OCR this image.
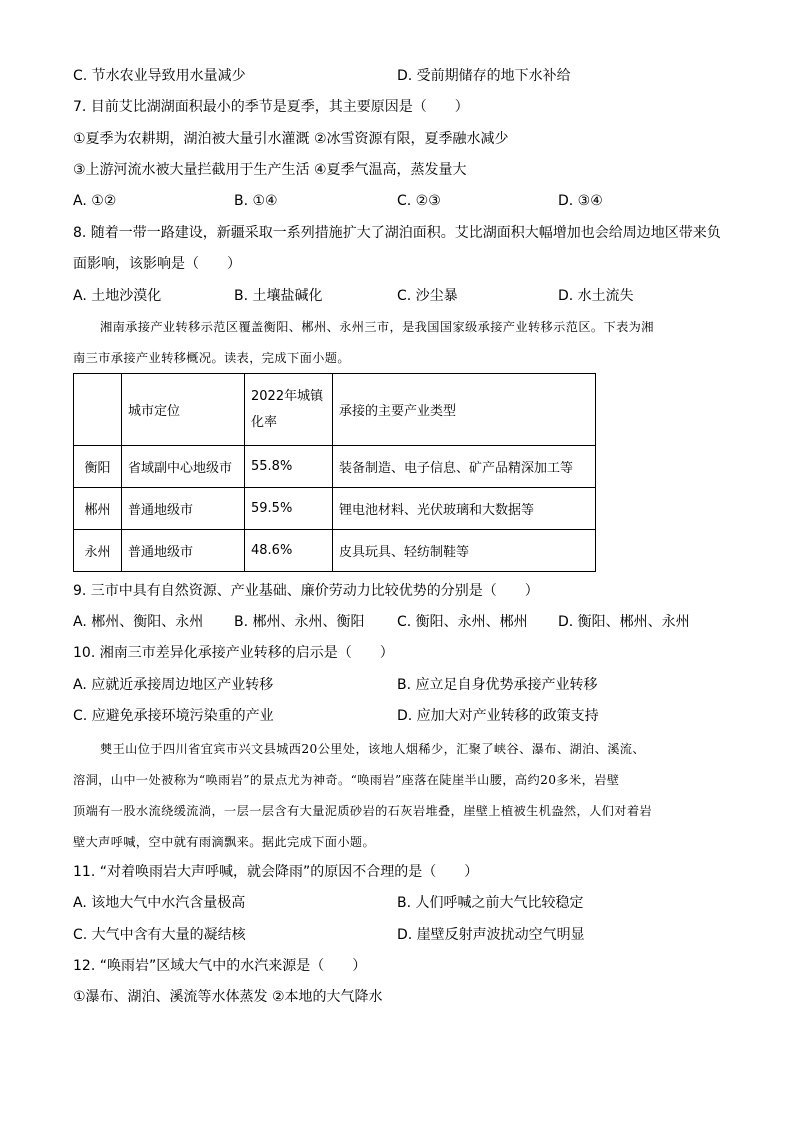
C. 节水农业导致用水量减少	D. 受前期储存的地下水补给
7. 目前艾比湖湖面积最小的季节是夏季，其主要原因是（　　）
①夏季为农耕期，湖泊被大量引水灌溉 ②冰雪资源有限，夏季融水减少
③上游河流水被大量拦截用于生产生活 ④夏季气温高，蒸发量大
A. ①②	B. ①④	C. ②③	D. ③④
8. 随着一带一路建设，新疆采取一系列措施扩大了湖泊面积。艾比湖面积大幅增加也会给周边地区带来负
面影响，该影响是（　　）
A. 土地沙漠化	B. 土壤盐碱化	C. 沙尘暴	D. 水土流失
湘南承接产业转移示范区覆盖衡阳、郴州、永州三市，是我国国家级承接产业转移示范区。下表为湘
南三市承接产业转移概况。读表，完成下面小题。
	城市定位	2022年城镇
化率	承接的主要产业类型
衡阳	省域副中心地级市	55.8%	装备制造、电子信息、矿产品精深加工等
郴州	普通地级市	59.5%	锂电池材料、光伏玻璃和大数据等
永州	普通地级市	48.6%	皮具玩具、轻纺制鞋等
9. 三市中具有自然资源、产业基础、廉价劳动力比较优势的分别是（　　）
A. 郴州、衡阳、永州 B. 郴州、永州、衡阳 C. 衡阳、永州、郴州 D. 衡阳、郴州、永州
10. 湘南三市差异化承接产业转移的启示是（　　）
A. 应就近承接周边地区产业转移	B. 应立足自身优势承接产业转移
C. 应避免承接环境污染重的产业	D. 应加大对产业转移的政策支持
僰王山位于四川省宜宾市兴文县城西20公里处，该地人烟稀少，汇聚了峡谷、瀑布、湖泊、溪流、
溶洞，山中一处被称为“唤雨岩”的景点尤为神奇。“唤雨岩”座落在陡崖半山腰，高约20多米，岩壁
顶端有一股水流绕缓流淌，一层一层含有大量泥质砂岩的石灰岩堆叠，崖壁上植被生机盎然，人们对着岩
壁大声呼喊，空中就有雨滴飘来。据此完成下面小题。
11. “对着唤雨岩大声呼喊，就会降雨”的原因不合理的是（　　）
A. 该地大气中水汽含量极高	B. 人们呼喊之前大气比较稳定
C. 大气中含有大量的凝结核	D. 崖壁反射声波扰动空气明显
12. “唤雨岩”区域大气中的水汽来源是（　　）
①瀑布、湖泊、溪流等水体蒸发 ②本地的大气降水
